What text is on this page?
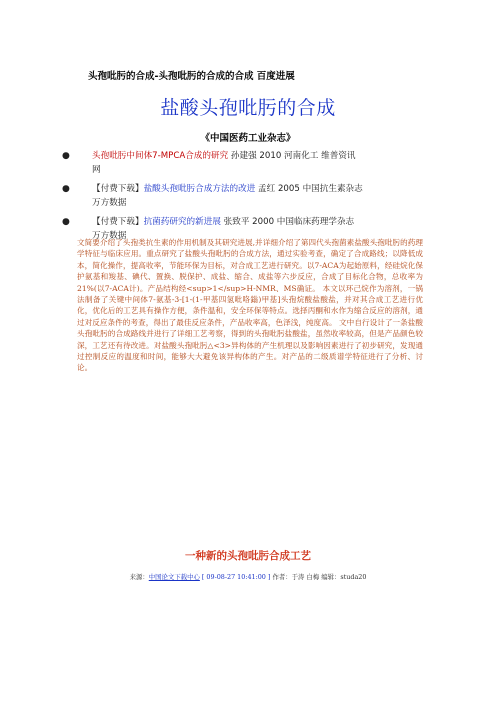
头孢吡肟的合成-头孢吡肟的合成的合成 百度进展
盐酸头孢吡肟的合成
《中国医药工业杂志》
●	头孢吡肟中间体7-MPCA合成的研究 孙建强 2010 河南化工 维普资讯
网
●	【付费下载】盐酸头孢吡肟合成方法的改进 孟红 2005 中国抗生素杂志
万方数据
●	【付费下载】抗菌药研究的新进展 张致平 2000 中国临床药理学杂志
万方数据
文简要介绍了头孢类抗生素的作用机制及其研究进展,并详细介绍了第四代头孢菌素盐酸头孢吡肟的药理学特征与临床应用。重点研究了盐酸头孢吡肟的合成方法，通过实验考查，确定了合成路线；以降低成本，简化操作，提高收率，节能环保为目标，对合成工艺进行研究。以7-ACA为起始原料，经硅烷化保护氨基和羧基、碘代、置换、脱保护、成盐、缩合、成盐等六步反应，合成了目标化合物，总收率为21%(以7-ACA计)。产品结构经<sup>1</sup>H-NMR、MS确证。 本文以环己烷作为溶剂，一锅法制备了关键中间体7-氨基-3-[1-(1-甲基四氢吡咯鎓)甲基]头孢烷酸盐酸盐，并对其合成工艺进行优化，优化后的工艺具有操作方便，条件温和，安全环保等特点。选择丙酮和水作为缩合反应的溶剂，通过对反应条件的考查，得出了最佳反应条件，产品收率高，色泽浅，纯度高。 文中自行设计了一条盐酸头孢吡肟的合成路线并进行了详细工艺考察，得到的头孢吡肟盐酸盐，虽然收率较高，但是产品颜色较深，工艺还有待改进。对盐酸头孢吡肟△<3>异构体的产生机理以及影响因素进行了初步研究，发现通过控制反应的温度和时间，能够大大避免该异构体的产生。对产品的二级质谱学特征进行了分析、讨论。
一种新的头孢吡肟合成工艺
来源：中国论文下载中心 [ 09-08-27 10:41:00 ] 作者：于涛 白梅 编辑：studa20
